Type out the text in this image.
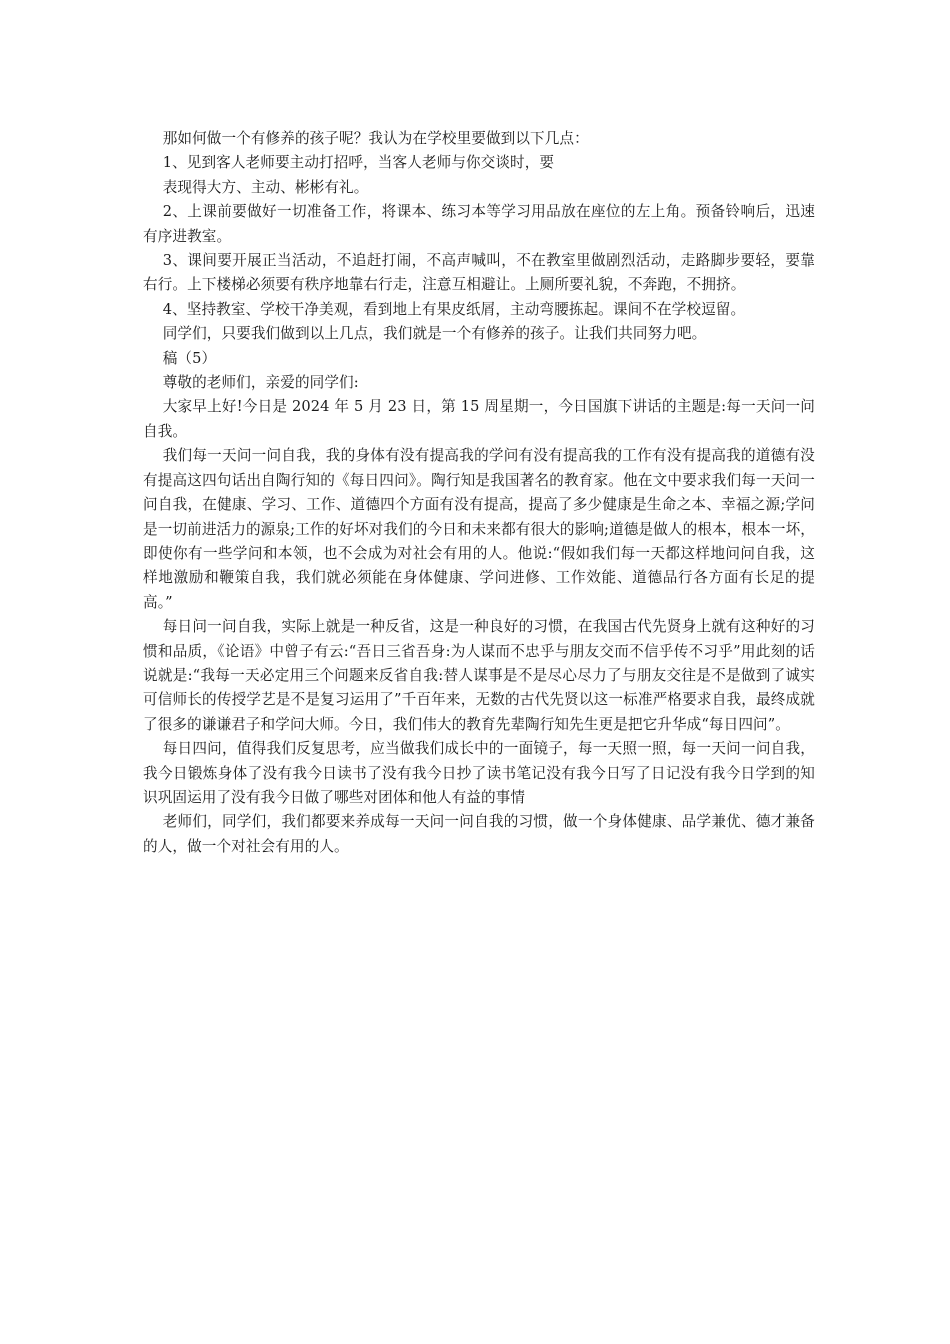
那如何做一个有修养的孩子呢？我认为在学校里要做到以下几点：

1、见到客人老师要主动打招呼，当客人老师与你交谈时，要

表现得大方、主动、彬彬有礼。

2、上课前要做好一切准备工作，将课本、练习本等学习用品放在座位的左上角。预备铃响后，迅速有序进教室。

3、课间要开展正当活动，不追赶打闹，不高声喊叫，不在教室里做剧烈活动，走路脚步要轻，要靠右行。上下楼梯必须要有秩序地靠右行走，注意互相避让。上厕所要礼貌，不奔跑，不拥挤。

4、坚持教室、学校干净美观，看到地上有果皮纸屑，主动弯腰拣起。课间不在学校逗留。

同学们，只要我们做到以上几点，我们就是一个有修养的孩子。让我们共同努力吧。

稿（5）

尊敬的老师们，亲爱的同学们:

大家早上好!今日是 2024 年 5 月 23 日，第 15 周星期一，今日国旗下讲话的主题是:每一天问一问自我。

我们每一天问一问自我，我的身体有没有提高我的学问有没有提高我的工作有没有提高我的道德有没有提高这四句话出自陶行知的《每日四问》。陶行知是我国著名的教育家。他在文中要求我们每一天问一问自我，在健康、学习、工作、道德四个方面有没有提高，提高了多少健康是生命之本、幸福之源;学问是一切前进活力的源泉;工作的好坏对我们的今日和未来都有很大的影响;道德是做人的根本，根本一坏，即使你有一些学问和本领，也不会成为对社会有用的人。他说:“假如我们每一天都这样地问问自我，这样地激励和鞭策自我，我们就必须能在身体健康、学问进修、工作效能、道德品行各方面有长足的提高。”

每日问一问自我，实际上就是一种反省，这是一种良好的习惯，在我国古代先贤身上就有这种好的习惯和品质，《论语》中曾子有云:“吾日三省吾身:为人谋而不忠乎与朋友交而不信乎传不习乎”用此刻的话说就是:“我每一天必定用三个问题来反省自我:替人谋事是不是尽心尽力了与朋友交往是不是做到了诚实可信师长的传授学艺是不是复习运用了”千百年来，无数的古代先贤以这一标准严格要求自我，最终成就了很多的谦谦君子和学问大师。今日，我们伟大的教育先辈陶行知先生更是把它升华成“每日四问”。

每日四问，值得我们反复思考，应当做我们成长中的一面镜子，每一天照一照，每一天问一问自我，我今日锻炼身体了没有我今日读书了没有我今日抄了读书笔记没有我今日写了日记没有我今日学到的知识巩固运用了没有我今日做了哪些对团体和他人有益的事情

老师们，同学们，我们都要来养成每一天问一问自我的习惯，做一个身体健康、品学兼优、德才兼备的人，做一个对社会有用的人。
